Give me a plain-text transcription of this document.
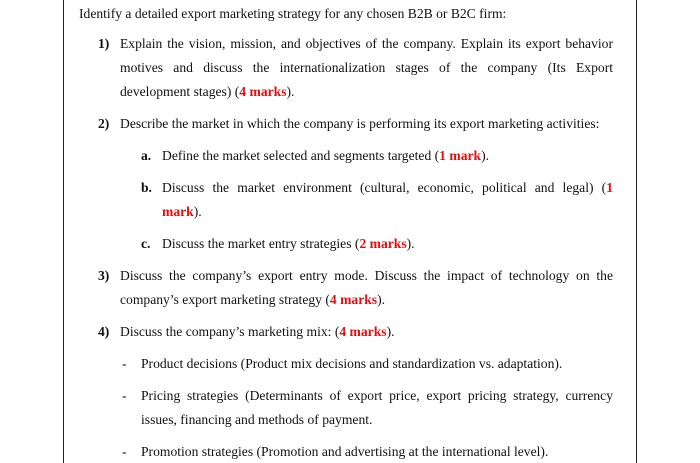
Identify a detailed export marketing strategy for any chosen B2B or B2C firm:
1) Explain the vision, mission, and objectives of the company. Explain its export behavior
motives and discuss the internationalization stages of the company (Its Export
development stages) (4 marks).
2) Describe the market in which the company is performing its export marketing activities:
a. Define the market selected and segments targeted (1 mark).
b. Discuss the market environment (cultural, economic, political and legal) (1
mark).
c. Discuss the market entry strategies (2 marks).
3) Discuss the company’s export entry mode. Discuss the impact of technology on the
company’s export marketing strategy (4 marks).
4) Discuss the company’s marketing mix: (4 marks).
- Product decisions (Product mix decisions and standardization vs. adaptation).
- Pricing strategies (Determinants of export price, export pricing strategy, currency
issues, financing and methods of payment.
- Promotion strategies (Promotion and advertising at the international level).
